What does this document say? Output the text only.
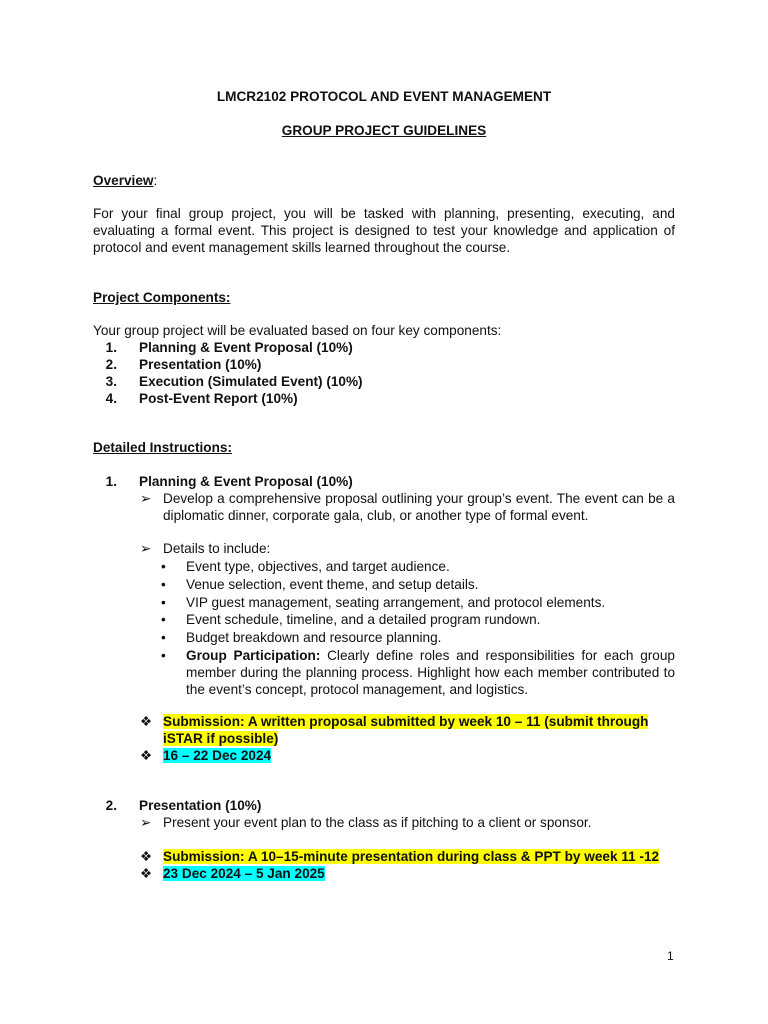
LMCR2102 PROTOCOL AND EVENT MANAGEMENT
GROUP PROJECT GUIDELINES
Overview:
For your final group project, you will be tasked with planning, presenting, executing, and evaluating a formal event. This project is designed to test your knowledge and application of protocol and event management skills learned throughout the course.
Project Components:
Your group project will be evaluated based on four key components:
1. Planning & Event Proposal (10%)
2. Presentation (10%)
3. Execution (Simulated Event) (10%)
4. Post-Event Report (10%)
Detailed Instructions:
1. Planning & Event Proposal (10%)
➢ Develop a comprehensive proposal outlining your group’s event. The event can be a diplomatic dinner, corporate gala, club, or another type of formal event.
➢ Details to include:
•	Event type, objectives, and target audience.
•	Venue selection, event theme, and setup details.
•	VIP guest management, seating arrangement, and protocol elements.
•	Event schedule, timeline, and a detailed program rundown.
•	Budget breakdown and resource planning.
•	Group Participation: Clearly define roles and responsibilities for each group member during the planning process. Highlight how each member contributed to the event’s concept, protocol management, and logistics.
❖ Submission: A written proposal submitted by week 10 – 11 (submit through iSTAR if possible)
❖ 16 – 22 Dec 2024
2. Presentation (10%)
➢ Present your event plan to the class as if pitching to a client or sponsor.
❖ Submission: A 10–15-minute presentation during class & PPT by week 11 -12
❖ 23 Dec 2024 – 5 Jan 2025
1
